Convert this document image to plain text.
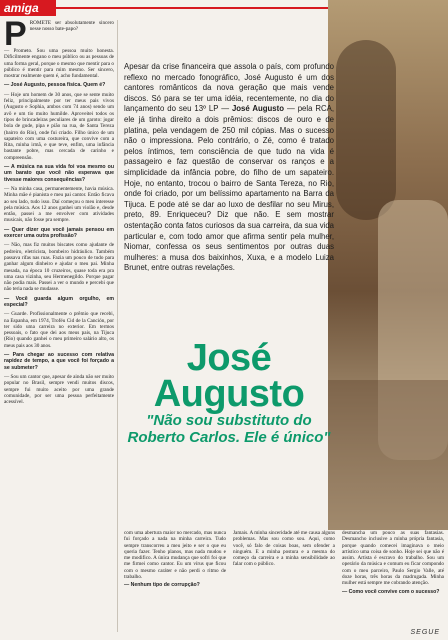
amiga
P ROMETE ser absolutamente sincero nesse nosso bate-papo?

— Prometo. Sou uma pessoa muito honesta. Dificilmente engano o meu público ou as pessoas de uma forma geral, porque o mesmo que mentir para o público é mentir para mim mesmo. Ser sincero, mostrar realmente quem é, acho fundamental.

— José Augusto, pessoa física. Quem é?

— Hoje um homem de 30 anos, que se sente muito feliz, principalmente por ter meus pais vivos (Augusto e Sophia, ambos com 74 anos) sendo um avô e um tio muito humilde. Aproveitei todos os tipos de brincadeiras peculiares de um garoto: jogar bola de gude, pipa e pião na rua, de Santa Tereza (bairro do Rio), onde fui criado. Filho único de um sapateiro com uma costureira, que convive com a Rita, minha irmã, e que teve, enfim, uma infância bastante pobre, mas cercada de carinho e compreensão.

— A música na sua vida foi voa mesmo ou um barato que você não esperava que tivesse maiores consequências?

— Na minha casa, permanentemente, havia música. Minha mãe é pianista e meu pai cantor. Então ficava ao seu lado, tudo isso. Daí começou o meu interesse pela música. Aos 12 anos ganhei um violão e, desde então, passei a me envolver com atividades musicais, não fosse pra sempre.

— Quer dizer que você jamais pensou em exercer uma outra profissão?

— Não, mas fiz muitos biscates como ajudante de pedreiro, eletricista, bombeiro hidráulico. Também passava rifas nas ruas. Fazia um pouco de tudo para ganhar algum dinheiro e ajudar o meu pai. Minha mesada, na época 10 cruzeiros, quase toda era pra uma casa vizinha, seu Hermenegildo. Porque pagar não podia mais. Passei a ver o mundo e percebi que não teria nada se mudasse.

— Você guarda algum orgulho, em especial?

— Guarde. Profissionalmente o prêmio que recebi, na Espanha, em 1974, Troféu Cid de la Canción, por ter sido uma carreira no exterior. Em termos pessoais, o fato que dei aos meus pais, na Tijuca (Rio) quando ganhei o meu primeiro salário alto, os meus pais aos 30 anos.

— Para chegar ao sucesso com relativa rapidez de tempo, a que você foi forçado a se submeter?

— Sou um cantor que, apesar de ainda não ser muito popular no Brasil, sempre vendi muitos discos, sempre fui muito aceito por uma grande comunidade, por ser uma pessoa perfeitamente acessível.

Apesar da crise financeira que assola o país, com profundo reflexo no mercado fonográfico, José Augusto é um dos cantores românticos da nova geração que mais vende discos. Só para se ter uma idéia, recentemente, no dia do lançamento do seu 13º LP — José Augusto — pela RCA, ele já tinha direito a dois prêmios: discos de ouro e de platina, pela vendagem de 250 mil cópias. Mas o sucesso não o impressiona. Pelo contrário, o Zé, como é tratado pelos íntimos, tem consciência de que tudo na vida é passageiro e faz questão de conservar os ranços e a simplicidade da infância pobre, do filho de um sapateiro. Hoje, no entanto, trocou o bairro de Santa Tereza, no Rio, onde foi criado, por um belíssimo apartamento na Barra da Tijuca. E pode até se dar ao luxo de desfilar no seu Mirus, preto, 89. Enriqueceu? Diz que não. E sem mostrar ostentação conta fatos curiosos da sua carreira, da sua vida particular e, com todo amor que afirma sentir pela mulher, Niomar, confessa os seus sentimentos por outras duas mulheres: a musa dos baixinhos, Xuxa, e a modelo Luiza Brunet, entre outras revelações.
José
Augusto
"Não sou substituto do Roberto Carlos. Ele é único"

com uma abertura maior no mercado, mas nunca fui forçado a nada na minha carreira. Tudo sempre transcorreu a meu jeito e ser o que eu queria fazer. Tenho planos, mas nada mudou e me modifico. A única mudança que sofri foi que me firmei como cantor. Eu um vírus que ficou com o mesmo caráter e não perdi o ritmo de trabalho.

— Nenhum tipo de corrupção?

Jamais. A minha sinceridade até me causa alguns problemas. Mas sou como sou. Aqui, como você, só falo de coisas boas, sem ofender a ninguém. E a minha postura e a mesma do começo da carreira e a minha sensibilidade ao falar com o público.

desmancha um pouco as suas fantasias. Desmancho inclusive a minha própria fantasia, porque quando comecei imaginava o meio artístico uma coisa de sonho. Hoje sei que não é assim. Artista é escravo do trabalho. Sou um operário da música e comum eu ficar compondo com o meu parceiro, Paulo Sergio Valle, até doze horas, três horas da madrugada. Minha mulher está sempre me cobrando atenção.

— Como você convive com o sucesso?

SEGUE
